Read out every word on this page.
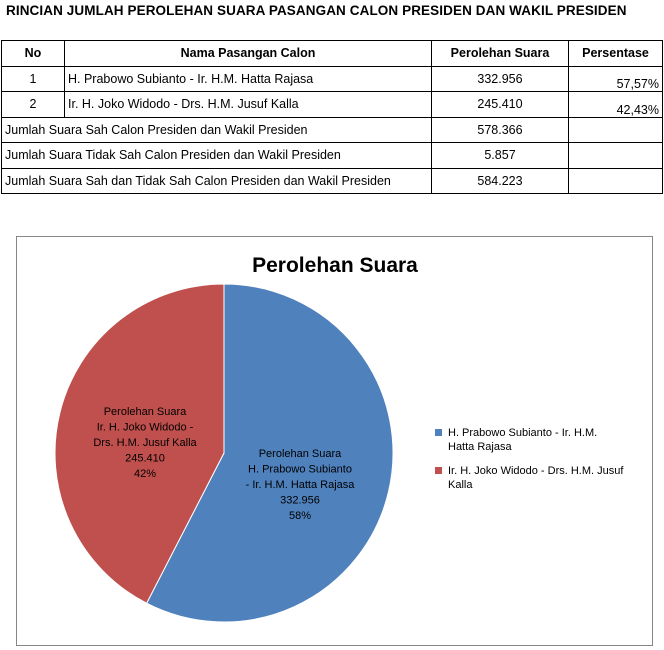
RINCIAN JUMLAH PEROLEHAN SUARA PASANGAN CALON PRESIDEN DAN WAKIL PRESIDEN
No	Nama Pasangan Calon	Perolehan Suara	Persentase
1	H. Prabowo Subianto - Ir. H.M. Hatta Rajasa	332.956	57,57%
2	Ir. H. Joko Widodo - Drs. H.M. Jusuf Kalla	245.410	42,43%
Jumlah Suara Sah Calon Presiden dan Wakil Presiden		578.366	
Jumlah Suara Tidak Sah Calon Presiden dan Wakil Presiden		5.857	
Jumlah Suara Sah dan Tidak Sah Calon Presiden dan Wakil Presiden		584.223	
Perolehan Suara
Perolehan Suara H. Prabowo Subianto - Ir. H.M. Hatta Rajasa 332.956 58%
Perolehan Suara Ir. H. Joko Widodo -Drs. H.M. Jusuf Kalla 245.410 42%
H. Prabowo Subianto - Ir. H.M.
Hatta Rajasa
Ir. H. Joko Widodo - Drs. H.M. Jusuf
Kalla
